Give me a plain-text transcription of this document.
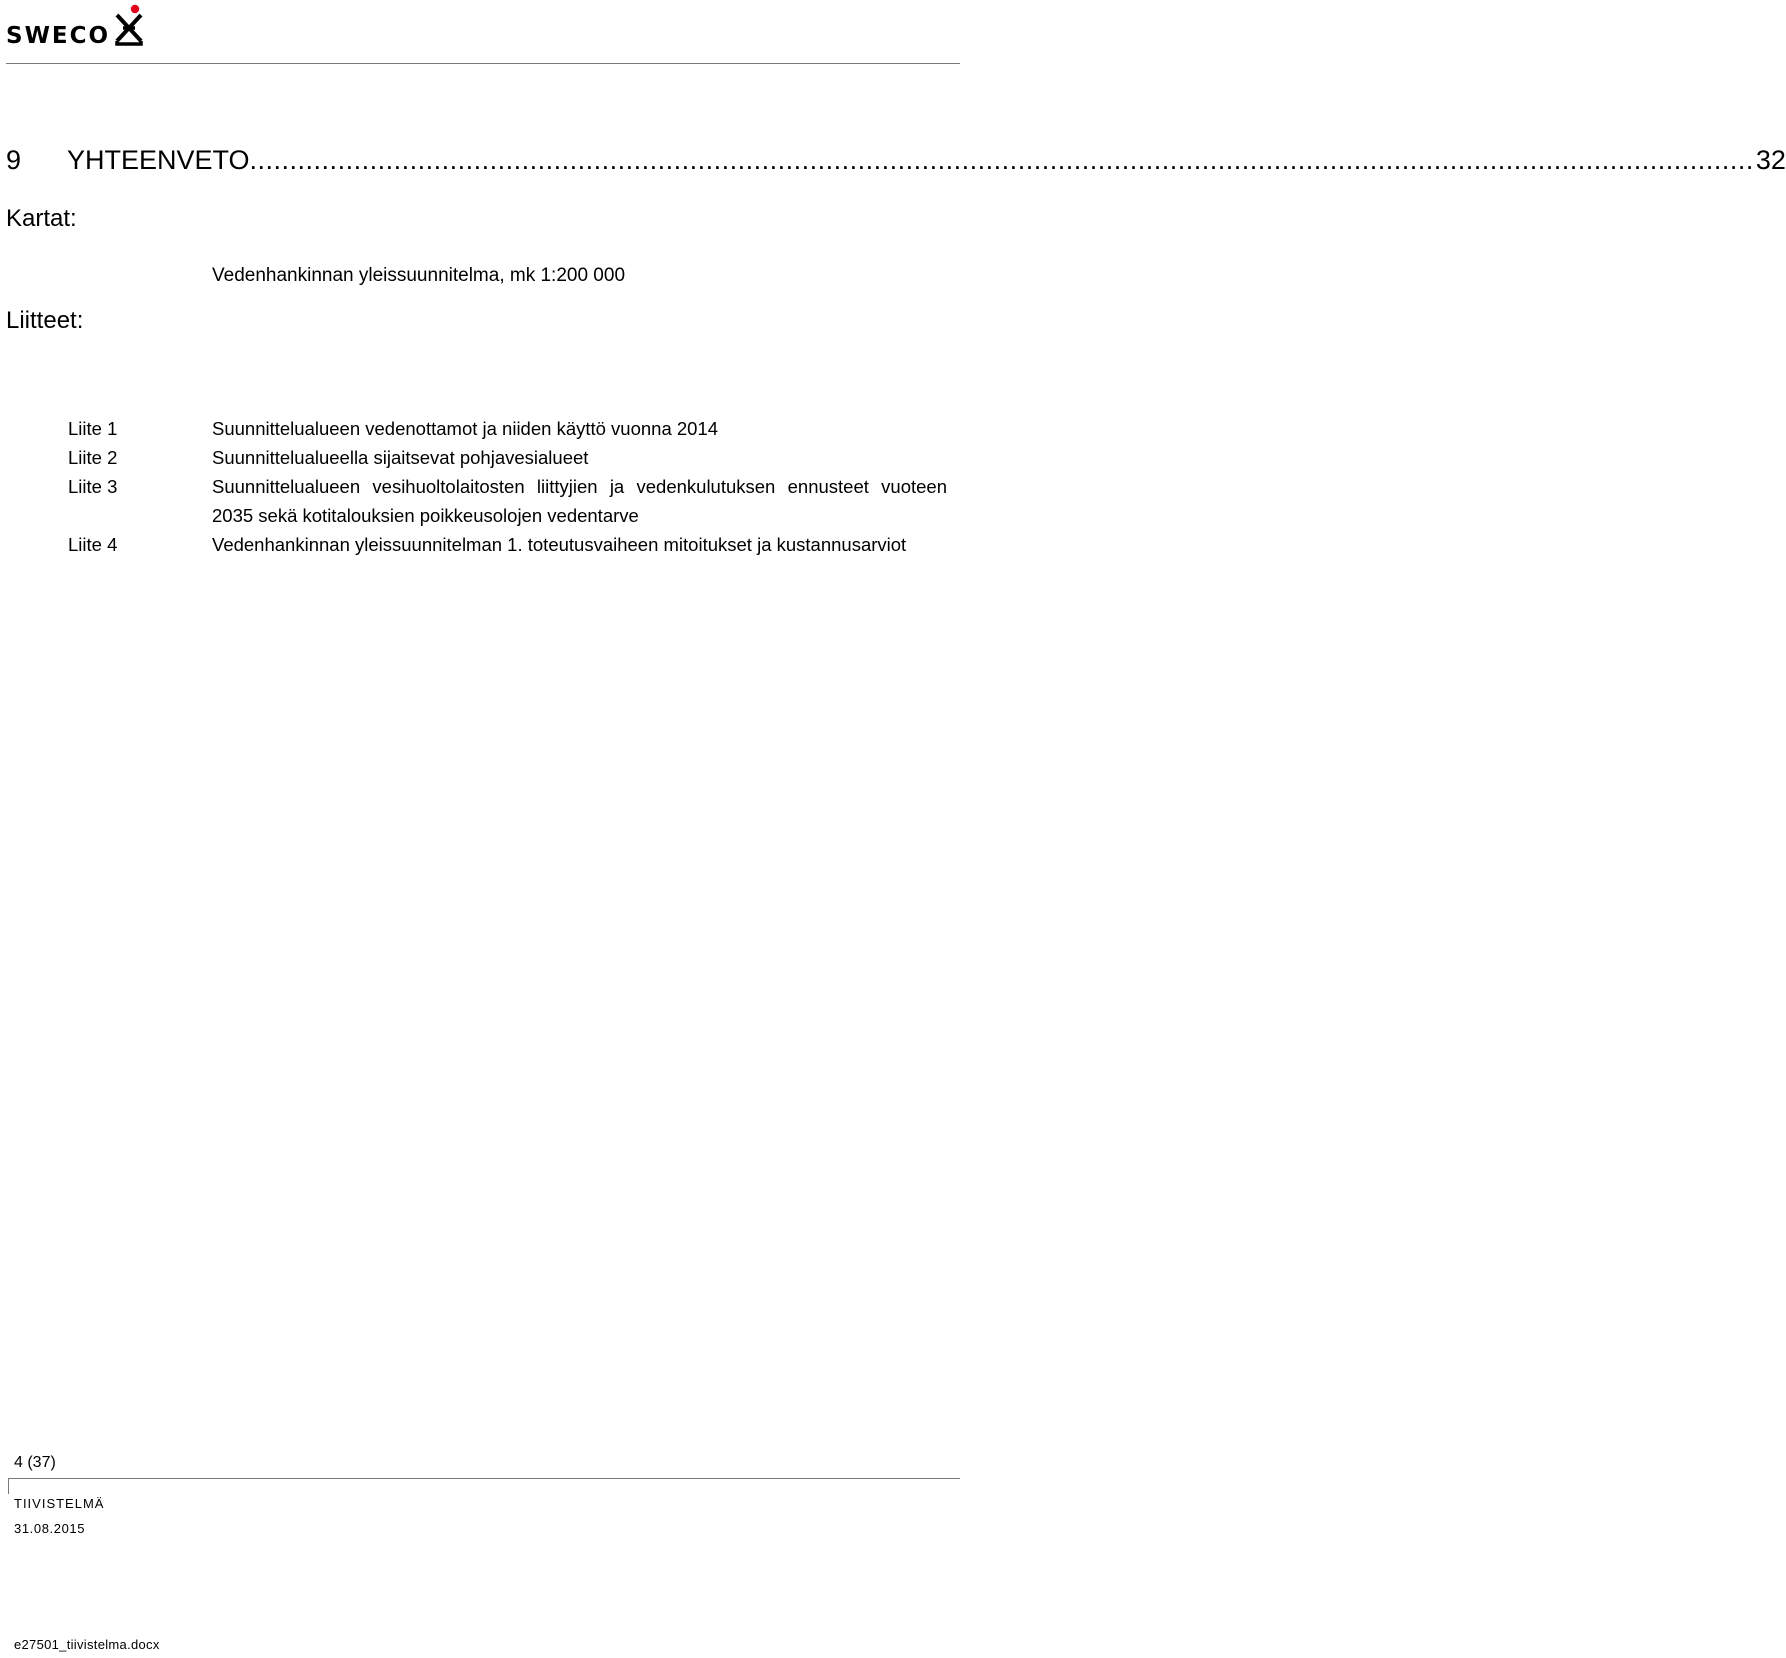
SWECO
9	YHTEENVETO ............................................................................................................................................................................................ 32
Kartat:
Vedenhankinnan yleissuunnitelma, mk 1:200 000
Liitteet:
Liite 1	Suunnittelualueen vedenottamot ja niiden käyttö vuonna 2014
Liite 2	Suunnittelualueella sijaitsevat pohjavesialueet
Liite 3	Suunnittelualueen vesihuoltolaitosten liittyjien ja vedenkulutuksen ennusteet vuoteen 2035 sekä kotitalouksien poikkeusolojen vedentarve
Liite 4	Vedenhankinnan yleissuunnitelman 1. toteutusvaiheen mitoitukset ja kustannusarviot
4 (37)
TIIVISTELMÄ
31.08.2015
e27501_tiivistelma.docx
